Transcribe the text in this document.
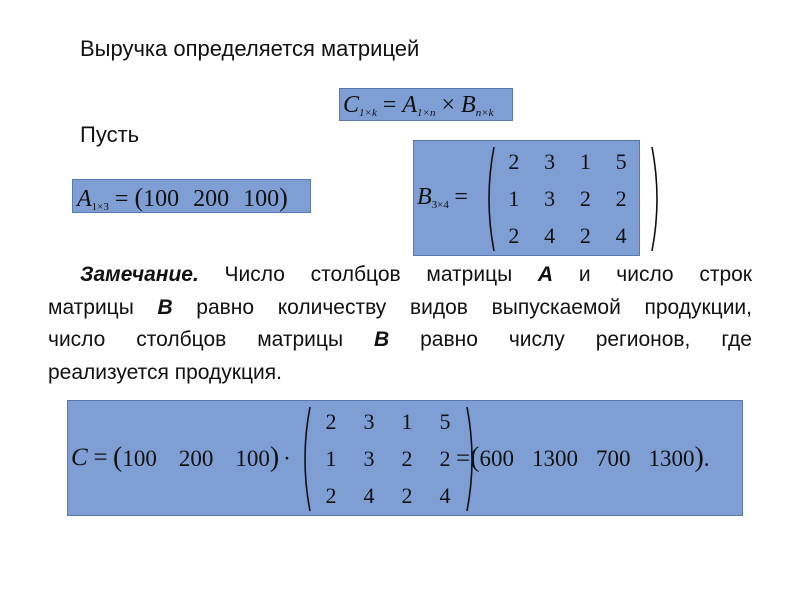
Выручка определяется матрицей
$C_{1\times k} = A_{1\times n} \times B_{n\times k}$
Пусть
$A_{1\times 3} = (100$ 200 100)	$B_{3\times 4}$ =
2	3	1	5
1	3	2	2
2	4	2	4
Замечание. Число столбцов матрицы A и число строк
матрицы B равно количеству видов выпускаемой продукции,
число столбцов матрицы B равно числу регионов, где
реализуется продукция.
C = (100 200 100) ·
2	3	1	5
1	3	2	2
2	4	2	4
=(600 1300 700 1300).
